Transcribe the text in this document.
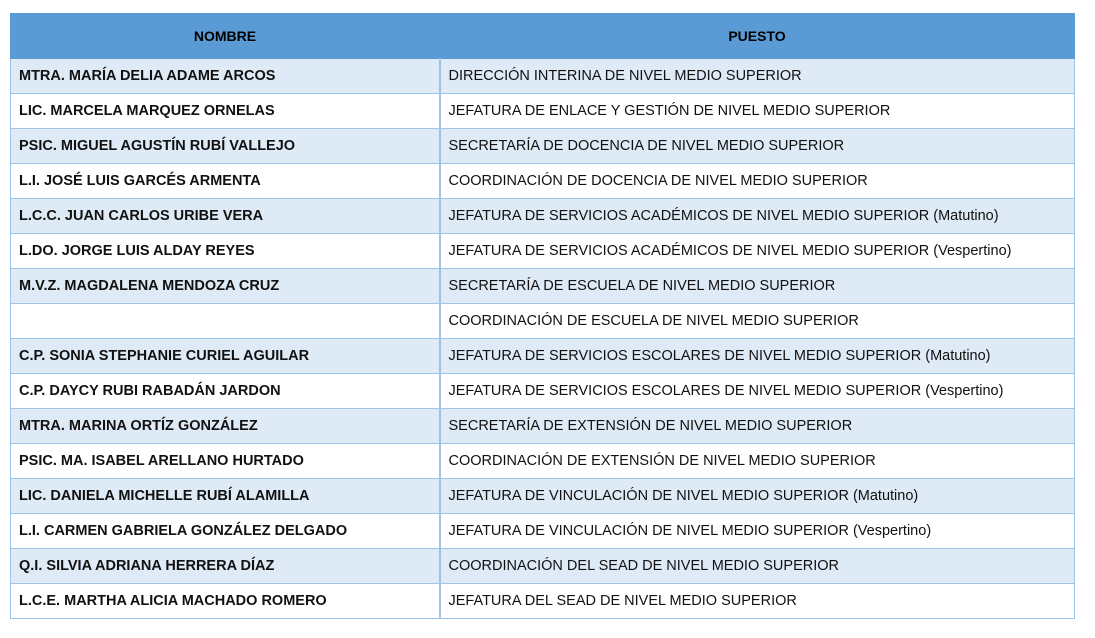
NOMBRE	PUESTO
MTRA. MARÍA DELIA ADAME ARCOS	DIRECCIÓN INTERINA DE NIVEL MEDIO SUPERIOR
LIC. MARCELA MARQUEZ ORNELAS	JEFATURA DE ENLACE Y GESTIÓN DE NIVEL MEDIO SUPERIOR
PSIC. MIGUEL AGUSTÍN RUBÍ VALLEJO	SECRETARÍA DE DOCENCIA DE NIVEL MEDIO SUPERIOR
L.I. JOSÉ LUIS GARCÉS ARMENTA	COORDINACIÓN DE DOCENCIA DE NIVEL MEDIO SUPERIOR
L.C.C. JUAN CARLOS URIBE VERA	JEFATURA DE SERVICIOS ACADÉMICOS DE NIVEL MEDIO SUPERIOR (Matutino)
L.DO. JORGE LUIS ALDAY REYES	JEFATURA DE SERVICIOS ACADÉMICOS DE NIVEL MEDIO SUPERIOR (Vespertino)
M.V.Z. MAGDALENA MENDOZA CRUZ	SECRETARÍA DE ESCUELA DE NIVEL MEDIO SUPERIOR
	COORDINACIÓN DE ESCUELA DE NIVEL MEDIO SUPERIOR
C.P. SONIA STEPHANIE CURIEL AGUILAR	JEFATURA DE SERVICIOS ESCOLARES DE NIVEL MEDIO SUPERIOR (Matutino)
C.P. DAYCY RUBI RABADÁN JARDON	JEFATURA DE SERVICIOS ESCOLARES DE NIVEL MEDIO SUPERIOR (Vespertino)
MTRA. MARINA ORTÍZ GONZÁLEZ	SECRETARÍA DE EXTENSIÓN DE NIVEL MEDIO SUPERIOR
PSIC. MA. ISABEL ARELLANO HURTADO	COORDINACIÓN DE EXTENSIÓN DE NIVEL MEDIO SUPERIOR
LIC. DANIELA MICHELLE RUBÍ ALAMILLA	JEFATURA DE VINCULACIÓN DE NIVEL MEDIO SUPERIOR (Matutino)
L.I. CARMEN GABRIELA GONZÁLEZ DELGADO	JEFATURA DE VINCULACIÓN DE NIVEL MEDIO SUPERIOR (Vespertino)
Q.I. SILVIA ADRIANA HERRERA DÍAZ	COORDINACIÓN DEL SEAD DE NIVEL MEDIO SUPERIOR
L.C.E. MARTHA ALICIA MACHADO ROMERO	JEFATURA DEL SEAD DE NIVEL MEDIO SUPERIOR
